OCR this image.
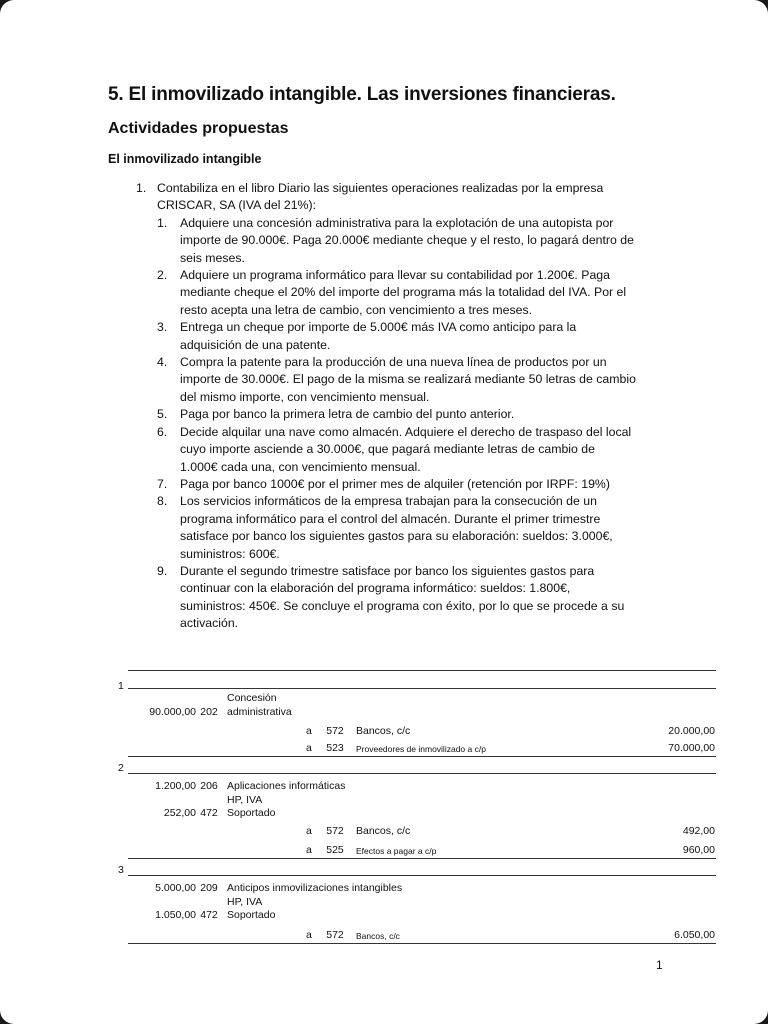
5. El inmovilizado intangible. Las inversiones financieras.
Actividades propuestas
El inmovilizado intangible
1. Contabiliza en el libro Diario las siguientes operaciones realizadas por la empresa
CRISCAR, SA (IVA del 21%):
1. Adquiere una concesión administrativa para la explotación de una autopista por
importe de 90.000€. Paga 20.000€ mediante cheque y el resto, lo pagará dentro de
seis meses.
2. Adquiere un programa informático para llevar su contabilidad por 1.200€. Paga
mediante cheque el 20% del importe del programa más la totalidad del IVA. Por el
resto acepta una letra de cambio, con vencimiento a tres meses.
3. Entrega un cheque por importe de 5.000€ más IVA como anticipo para la
adquisición de una patente.
4. Compra la patente para la producción de una nueva línea de productos por un
importe de 30.000€. El pago de la misma se realizará mediante 50 letras de cambio
del mismo importe, con vencimiento mensual.
5. Paga por banco la primera letra de cambio del punto anterior.
6. Decide alquilar una nave como almacén. Adquiere el derecho de traspaso del local
cuyo importe asciende a 30.000€, que pagará mediante letras de cambio de
1.000€ cada una, con vencimiento mensual.
7. Paga por banco 1000€ por el primer mes de alquiler (retención por IRPF: 19%)
8. Los servicios informáticos de la empresa trabajan para la consecución de un
programa informático para el control del almacén. Durante el primer trimestre
satisface por banco los siguientes gastos para su elaboración: sueldos: 3.000€,
suministros: 600€.
9. Durante el segundo trimestre satisface por banco los siguientes gastos para
continuar con la elaboración del programa informático: sueldos: 1.800€,
suministros: 450€. Se concluye el programa con éxito, por lo que se procede a su
activación.
1
Concesión
90.000,00 202 administrativa
a	572	Bancos, c/c	20.000,00
a	523	Proveedores de inmovilizado a c/p	70.000,00
2
1.200,00 206 Aplicaciones informáticas
HP, IVA
252,00 472 Soportado
a	572	Bancos, c/c	492,00
a	525	Efectos a pagar a c/p	960,00
3
5.000,00 209 Anticipos inmovilizaciones intangibles
HP, IVA
1.050,00 472 Soportado
a	572	Bancos, c/c	6.050,00
1
